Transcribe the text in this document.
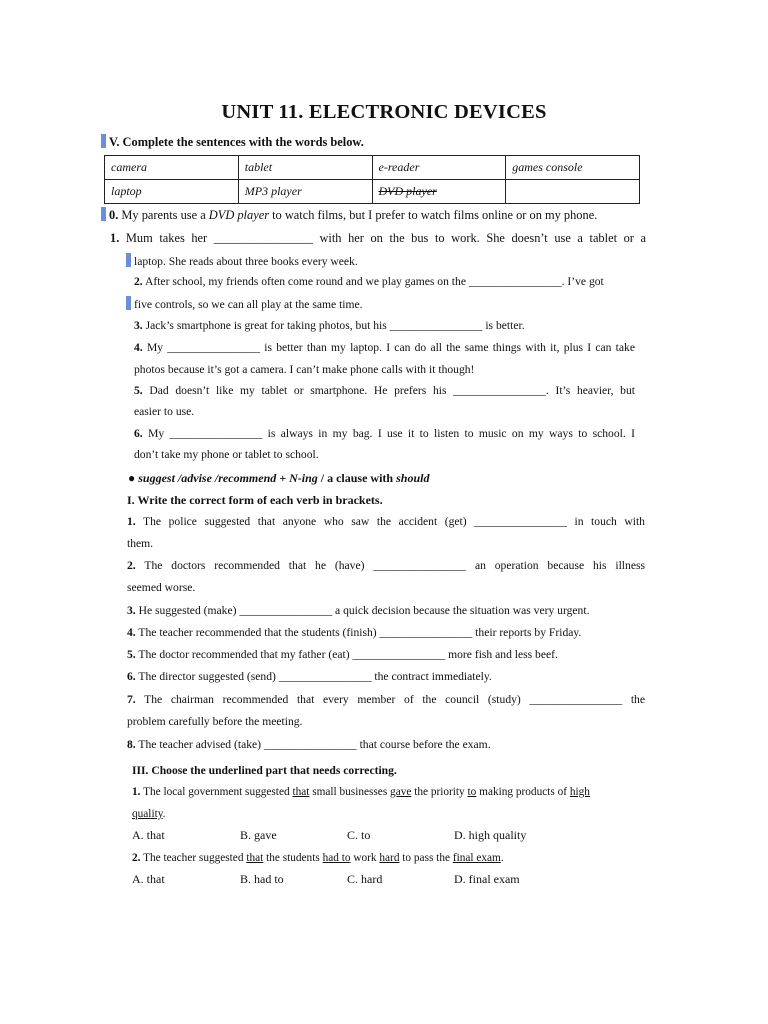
UNIT 11. ELECTRONIC DEVICES
V. Complete the sentences with the words below.
camera	tablet	e-reader	games console
laptop	MP3 player	DVD player	
0. My parents use a DVD player to watch films, but I prefer to watch films online or on my phone.
1. Mum takes her ________________ with her on the bus to work. She doesn’t use a tablet or a
laptop. She reads about three books every week.
2. After school, my friends often come round and we play games on the ________________. I’ve got
five controls, so we can all play at the same time.
3. Jack’s smartphone is great for taking photos, but his ________________ is better.
4. My ________________ is better than my laptop. I can do all the same things with it, plus I can take
photos because it’s got a camera. I can’t make phone calls with it though!
5. Dad doesn’t like my tablet or smartphone. He prefers his ________________. It’s heavier, but
easier to use.
6. My ________________ is always in my bag. I use it to listen to music on my ways to school. I
don’t take my phone or tablet to school.
● suggest /advise /recommend + N-ing / a clause with should
I. Write the correct form of each verb in brackets.
1. The police suggested that anyone who saw the accident (get) ________________ in touch with
them.
2. The doctors recommended that he (have) ________________ an operation because his illness
seemed worse.
3. He suggested (make) ________________ a quick decision because the situation was very urgent.
4. The teacher recommended that the students (finish) ________________ their reports by Friday.
5. The doctor recommended that my father (eat) ________________ more fish and less beef.
6. The director suggested (send) ________________ the contract immediately.
7. The chairman recommended that every member of the council (study) ________________ the
problem carefully before the meeting.
8. The teacher advised (take) ________________ that course before the exam.
III. Choose the underlined part that needs correcting.
1. The local government suggested that small businesses gave the priority to making products of high
quality.
A. that	B. gave	C. to	D. high quality
2. The teacher suggested that the students had to work hard to pass the final exam.
A. that	B. had to	C. hard	D. final exam
